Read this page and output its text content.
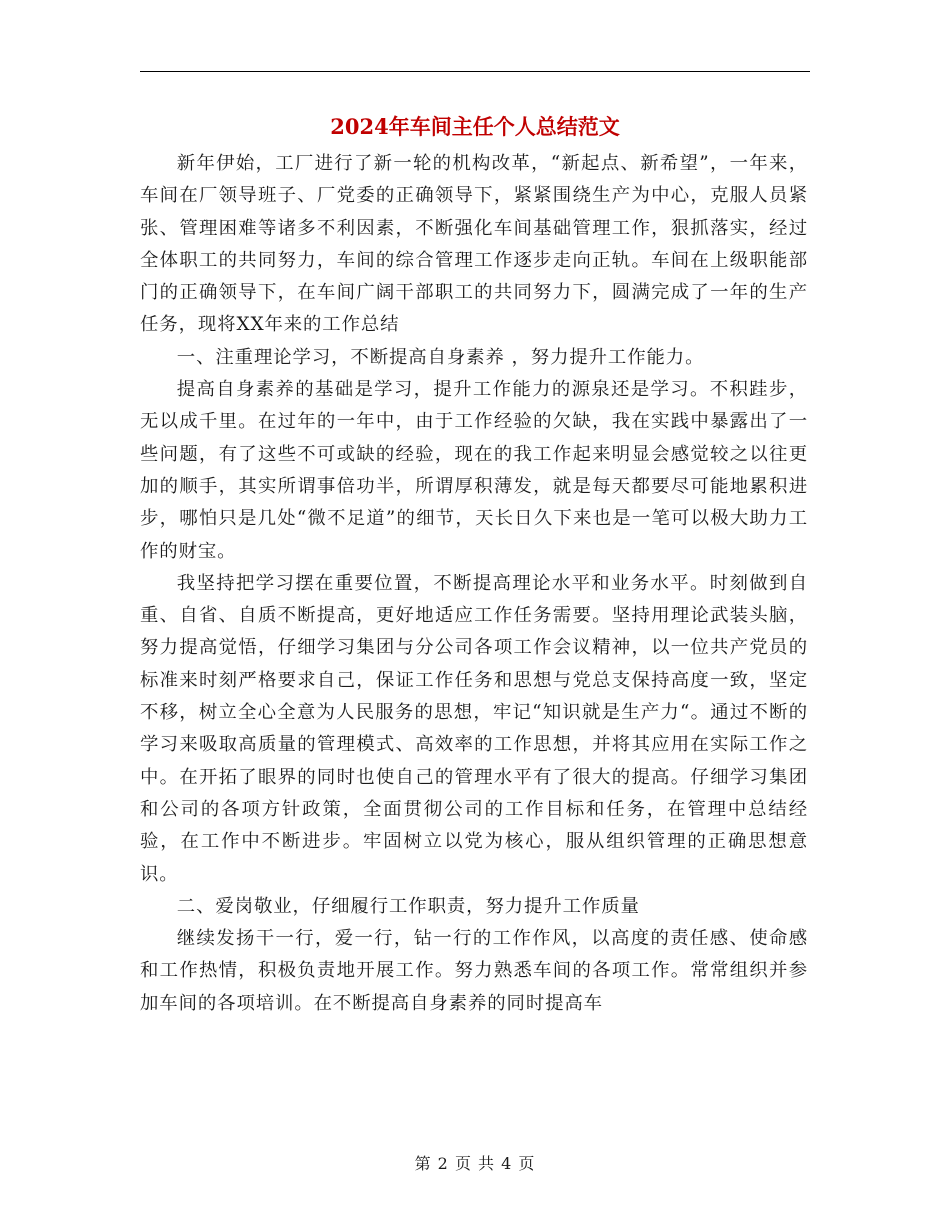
2024年车间主任个人总结范文

新年伊始，工厂进行了新一轮的机构改革，“新起点、新希望”，一年来，车间在厂领导班子、厂党委的正确领导下，紧紧围绕生产为中心，克服人员紧张、管理困难等诸多不利因素，不断强化车间基础管理工作，狠抓落实，经过全体职工的共同努力，车间的综合管理工作逐步走向正轨。车间在上级职能部门的正确领导下，在车间广阔干部职工的共同努力下，圆满完成了一年的生产任务，现将XX年来的工作总结

一、注重理论学习，不断提高自身素养 ，努力提升工作能力。

提高自身素养的基础是学习，提升工作能力的源泉还是学习。不积跬步，无以成千里。在过年的一年中，由于工作经验的欠缺，我在实践中暴露出了一些问题，有了这些不可或缺的经验，现在的我工作起来明显会感觉较之以往更加的顺手，其实所谓事倍功半，所谓厚积薄发，就是每天都要尽可能地累积进步，哪怕只是几处“微不足道”的细节，天长日久下来也是一笔可以极大助力工作的财宝。

我坚持把学习摆在重要位置，不断提高理论水平和业务水平。时刻做到自重、自省、自质不断提高，更好地适应工作任务需要。坚持用理论武装头脑，努力提高觉悟，仔细学习集团与分公司各项工作会议精神，以一位共产党员的标准来时刻严格要求自己，保证工作任务和思想与党总支保持高度一致，坚定不移，树立全心全意为人民服务的思想，牢记“知识就是生产力“。通过不断的学习来吸取高质量的管理模式、高效率的工作思想，并将其应用在实际工作之中。在开拓了眼界的同时也使自己的管理水平有了很大的提高。仔细学习集团和公司的各项方针政策，全面贯彻公司的工作目标和任务，在管理中总结经验，在工作中不断进步。牢固树立以党为核心，服从组织管理的正确思想意识。

二、爱岗敬业，仔细履行工作职责，努力提升工作质量

继续发扬干一行，爱一行，钻一行的工作作风，以高度的责任感、使命感和工作热情，积极负责地开展工作。努力熟悉车间的各项工作。常常组织并参加车间的各项培训。在不断提高自身素养的同时提高车

第 2 页 共 4 页
